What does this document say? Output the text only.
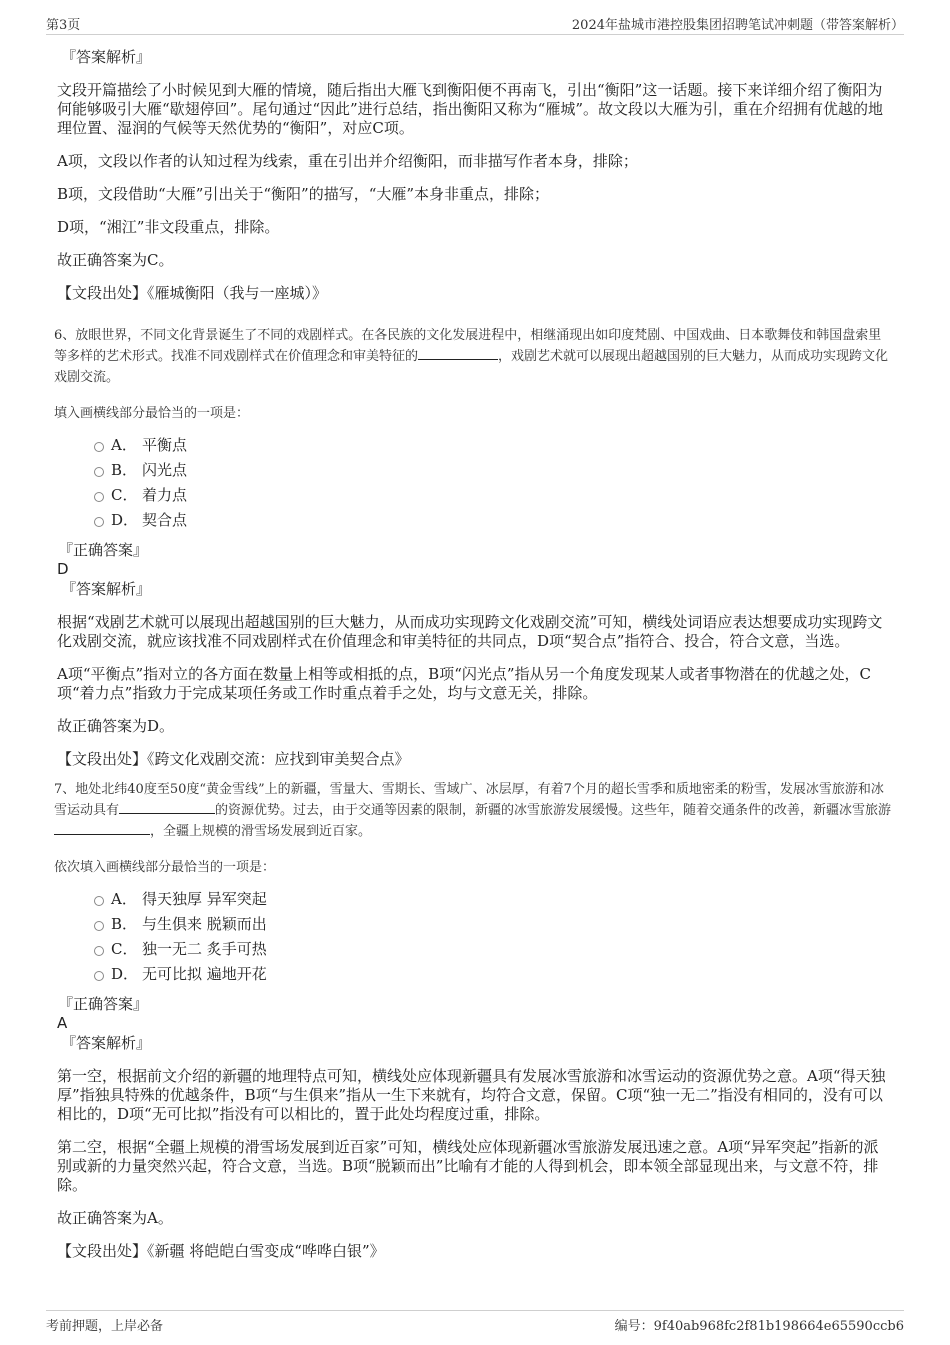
第3页	2024年盐城市港控股集团招聘笔试冲刺题（带答案解析）

『答案解析』

文段开篇描绘了小时候见到大雁的情境，随后指出大雁飞到衡阳便不再南飞，引出“衡阳”这一话题。接下来详细介绍了衡阳为何能够吸引大雁“歇翅停回”。尾句通过“因此”进行总结，指出衡阳又称为“雁城”。故文段以大雁为引，重在介绍拥有优越的地理位置、湿润的气候等天然优势的“衡阳”，对应C项。

A项，文段以作者的认知过程为线索，重在引出并介绍衡阳，而非描写作者本身，排除；

B项，文段借助“大雁”引出关于“衡阳”的描写，“大雁”本身非重点，排除；

D项，“湘江”非文段重点，排除。

故正确答案为C。

【文段出处】《雁城衡阳（我与一座城）》

6、放眼世界，不同文化背景诞生了不同的戏剧样式。在各民族的文化发展进程中，相继涌现出如印度梵剧、中国戏曲、日本歌舞伎和韩国盘索里等多样的艺术形式。找准不同戏剧样式在价值理念和审美特征的	，戏剧艺术就可以展现出超越国别的巨大魅力，从而成功实现跨文化戏剧交流。

填入画横线部分最恰当的一项是：

A． 平衡点
B． 闪光点
C． 着力点
D． 契合点

『正确答案』

D

『答案解析』

根据“戏剧艺术就可以展现出超越国别的巨大魅力，从而成功实现跨文化戏剧交流”可知，横线处词语应表达想要成功实现跨文化戏剧交流，就应该找准不同戏剧样式在价值理念和审美特征的共同点，D项“契合点”指符合、投合，符合文意，当选。

A项“平衡点”指对立的各方面在数量上相等或相抵的点，B项“闪光点”指从另一个角度发现某人或者事物潜在的优越之处，C项“着力点”指致力于完成某项任务或工作时重点着手之处，均与文意无关，排除。

故正确答案为D。

【文段出处】《跨文化戏剧交流：应找到审美契合点》

7、地处北纬40度至50度“黄金雪线”上的新疆，雪量大、雪期长、雪域广、冰层厚，有着7个月的超长雪季和质地密柔的粉雪，发展冰雪旅游和冰雪运动具有	的资源优势。过去，由于交通等因素的限制，新疆的冰雪旅游发展缓慢。这些年，随着交通条件的改善，新疆冰雪旅游，全疆上规模的滑雪场发展到近百家。

依次填入画横线部分最恰当的一项是：

A． 得天独厚 异军突起
B． 与生俱来 脱颖而出
C． 独一无二 炙手可热
D． 无可比拟 遍地开花

『正确答案』

A

『答案解析』

第一空，根据前文介绍的新疆的地理特点可知，横线处应体现新疆具有发展冰雪旅游和冰雪运动的资源优势之意。A项“得天独厚”指独具特殊的优越条件，B项“与生俱来”指从一生下来就有，均符合文意，保留。C项“独一无二”指没有相同的，没有可以相比的，D项“无可比拟”指没有可以相比的，置于此处均程度过重，排除。

第二空，根据“全疆上规模的滑雪场发展到近百家”可知，横线处应体现新疆冰雪旅游发展迅速之意。A项“异军突起”指新的派别或新的力量突然兴起，符合文意，当选。B项“脱颖而出”比喻有才能的人得到机会，即本领全部显现出来，与文意不符，排除。

故正确答案为A。

【文段出处】《新疆 将皑皑白雪变成“哗哗白银”》

考前押题，上岸必备	编号：9f40ab968fc2f81b198664e65590ccb6
